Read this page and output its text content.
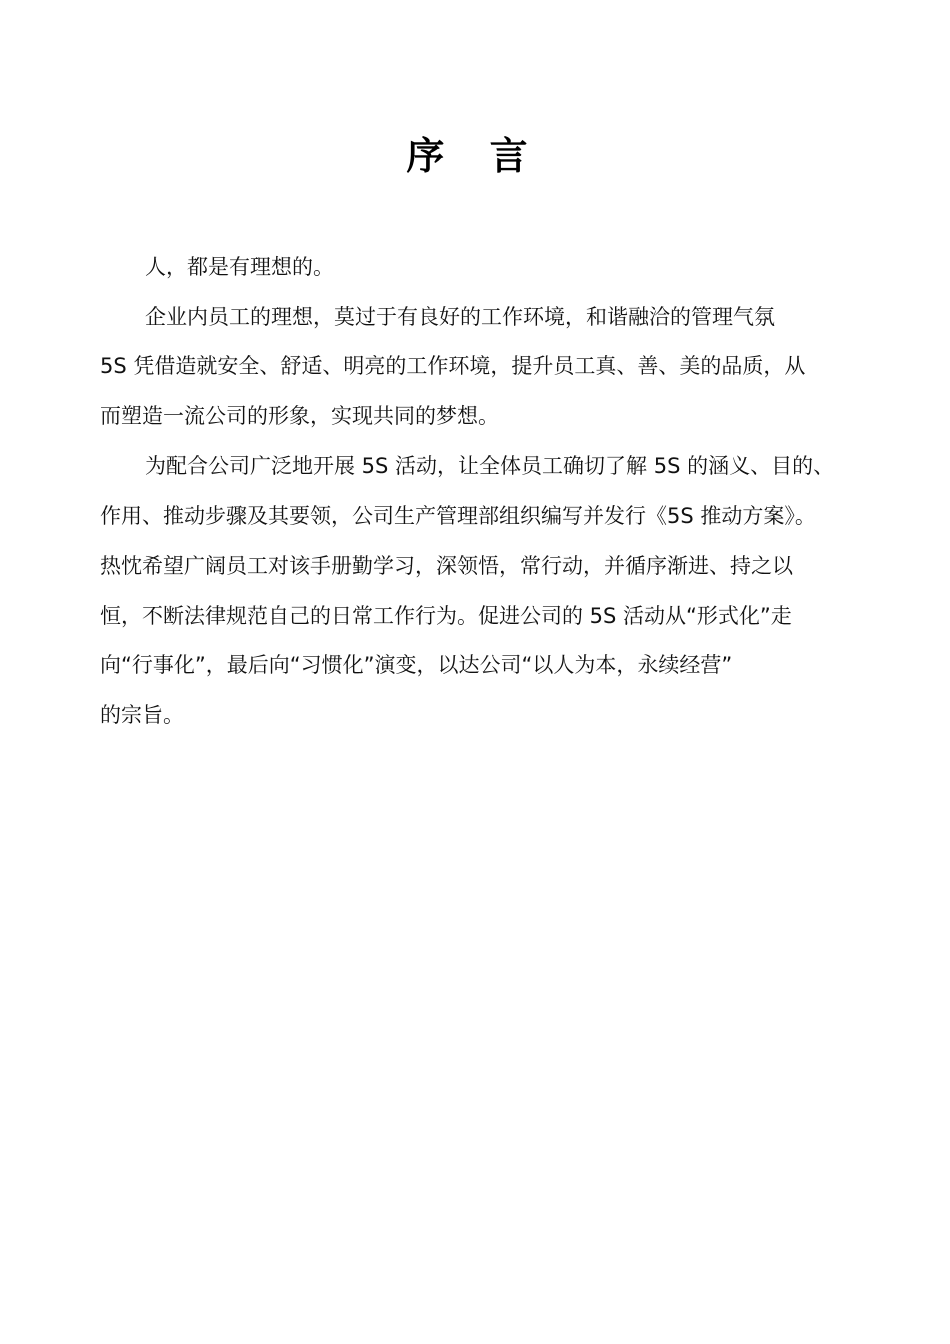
序 言
人，都是有理想的。
企业内员工的理想，莫过于有良好的工作环境，和谐融洽的管理气氛
5S 凭借造就安全、舒适、明亮的工作环境，提升员工真、善、美的品质，从
而塑造一流公司的形象，实现共同的梦想。
为配合公司广泛地开展 5S 活动，让全体员工确切了解 5S 的涵义、目的、
作用、推动步骤及其要领，公司生产管理部组织编写并发行《5S 推动方案》。
热忱希望广阔员工对该手册勤学习，深领悟，常行动，并循序渐进、持之以
恒，不断法律规范自己的日常工作行为。促进公司的 5S 活动从“形式化”走
向“行事化”，最后向“习惯化”演变，以达公司“以人为本，永续经营”
的宗旨。
